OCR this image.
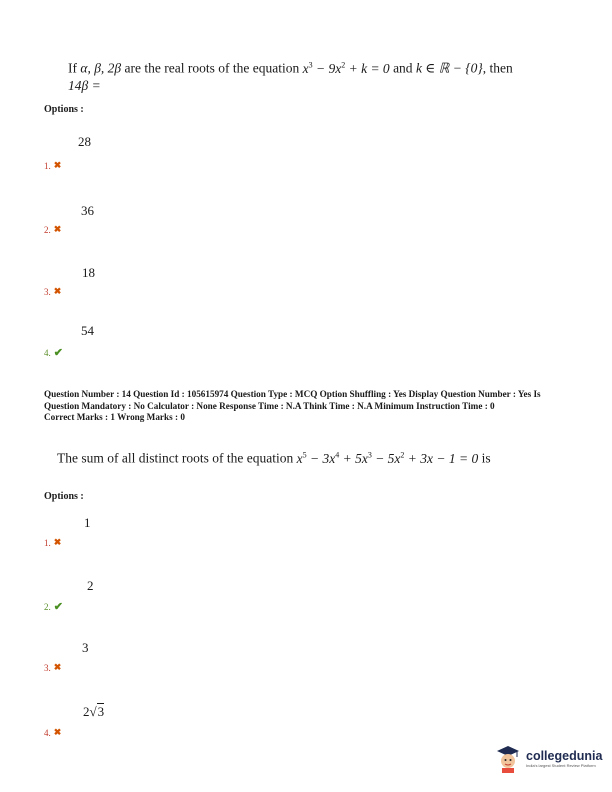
If α, β, 2β are the real roots of the equation $x^3 - 9x^2 + k = 0$ and k ∈ ℝ − {0}, then
14β =
Options :
28
1. ✖
36
2. ✖
18
3. ✖
54
4. ✔
Question Number : 14 Question Id : 105615974 Question Type : MCQ Option Shuffling : Yes Display Question Number : Yes Is
Question Mandatory : No Calculator : None Response Time : N.A Think Time : N.A Minimum Instruction Time : 0
Correct Marks : 1 Wrong Marks : 0
The sum of all distinct roots of the equation $x^5 - 3x^4 + 5x^3 - 5x^2 + 3x - 1 = 0$ is
Options :
1
1. ✖
2
2. ✔
3
3. ✖
2√3
4. ✖
collegedunia
India's largest Student Review Platform
